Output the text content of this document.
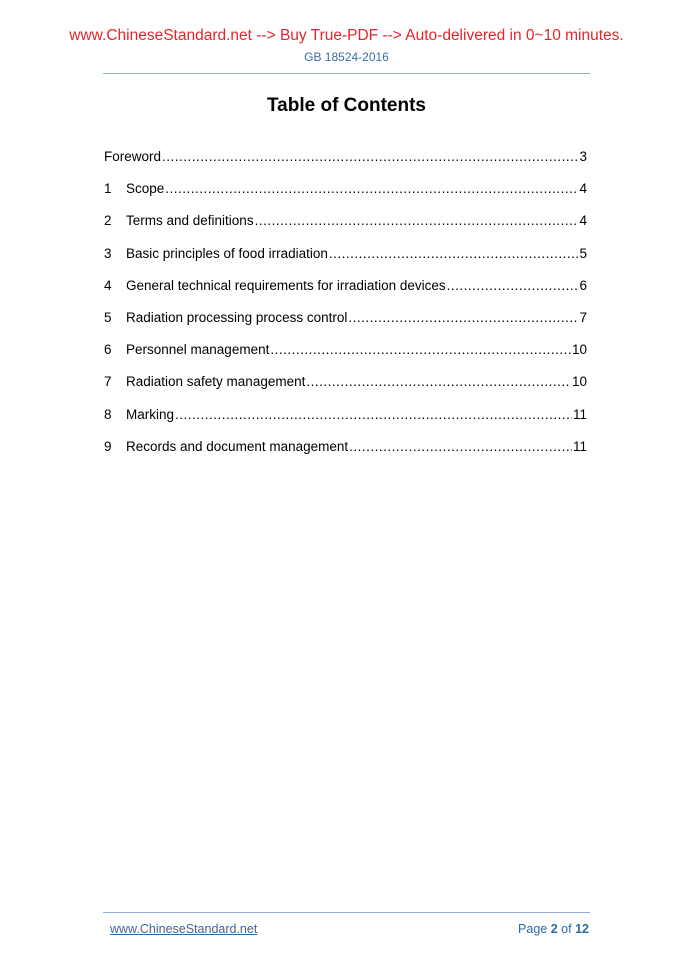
www.ChineseStandard.net --> Buy True-PDF --> Auto-delivered in 0~10 minutes.
GB 18524-2016
Table of Contents
Foreword .....	3
1	Scope .....	4
2	Terms and definitions .....	4
3	Basic principles of food irradiation .....	5
4	General technical requirements for irradiation devices .....	6
5	Radiation processing process control .....	7
6	Personnel management .....	10
7	Radiation safety management .....	10
8	Marking .....	11
9	Records and document management .....	11
www.ChineseStandard.net	Page 2 of 12
